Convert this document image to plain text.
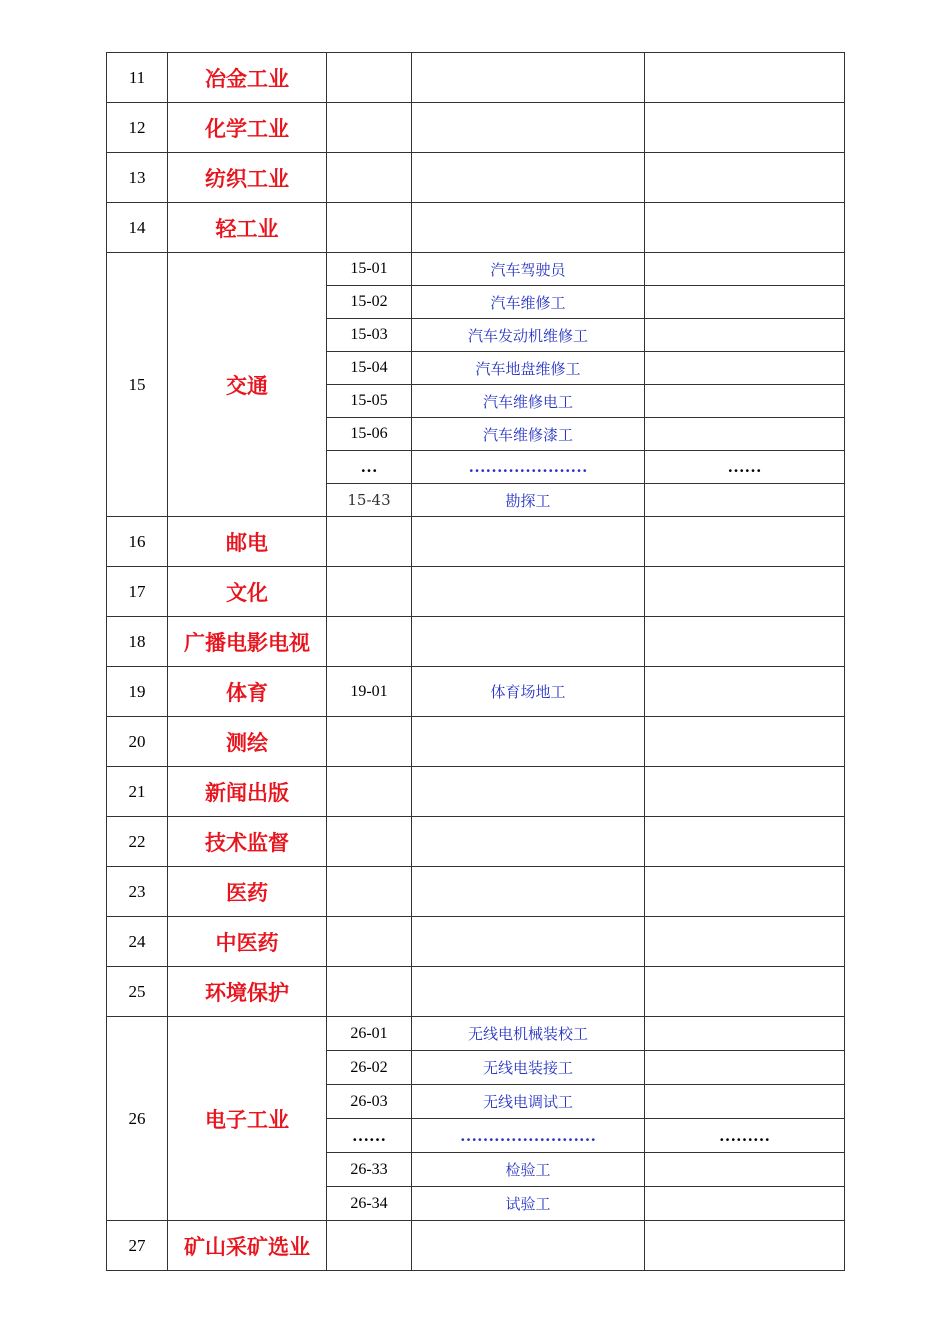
11	冶金工业			
12	化学工业			
13	纺织工业			
14	轻工业			
15	交通	15-01	汽车驾驶员	
		15-02	汽车维修工	
		15-03	汽车发动机维修工	
		15-04	汽车地盘维修工	
		15-05	汽车维修电工	
		15-06	汽车维修漆工	
		…	…………………	……
		15-43	勘探工	
16	邮电			
17	文化			
18	广播电影电视			
19	体育	19-01	体育场地工	
20	测绘			
21	新闻出版			
22	技术监督			
23	医药			
24	中医药			
25	环境保护			
26	电子工业	26-01	无线电机械装校工	
		26-02	无线电装接工	
		26-03	无线电调试工	
		……	……………………	………
		26-33	检验工	
		26-34	试验工	
27	矿山采矿选业			
